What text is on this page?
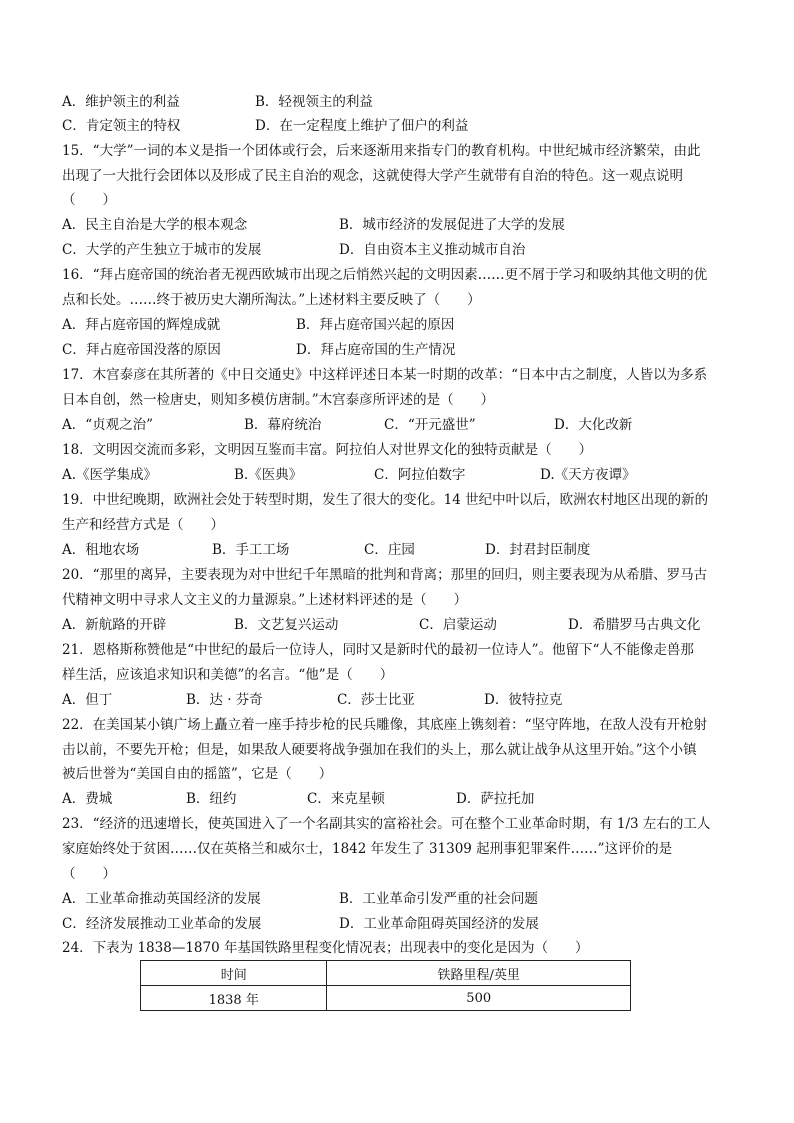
A．维护领主的利益	B．轻视领主的利益
C．肯定领主的特权	D．在一定程度上维护了佃户的利益
15．“大学”一词的本义是指一个团体或行会，后来逐渐用来指专门的教育机构。中世纪城市经济繁荣，由此
出现了一大批行会团体以及形成了民主自治的观念，这就使得大学产生就带有自治的特色。这一观点说明
（　　）
A．民主自治是大学的根本观念	B．城市经济的发展促进了大学的发展
C．大学的产生独立于城市的发展	D．自由资本主义推动城市自治
16．“拜占庭帝国的统治者无视西欧城市出现之后悄然兴起的文明因素……更不屑于学习和吸纳其他文明的优
点和长处。……终于被历史大潮所淘汰。”上述材料主要反映了（　　）
A．拜占庭帝国的辉煌成就	B．拜占庭帝国兴起的原因
C．拜占庭帝国没落的原因	D．拜占庭帝国的生产情况
17．木宫泰彦在其所著的《中日交通史》中这样评述日本某一时期的改革：“日本中古之制度，人皆以为多系
日本自创，然一检唐史，则知多模仿唐制。”木宫泰彦所评述的是（　　）
A．“贞观之治”	B．幕府统治	C．“开元盛世”	D．大化改新
18．文明因交流而多彩，文明因互鉴而丰富。阿拉伯人对世界文化的独特贡献是（　　）
A.《医学集成》	B.《医典》	C．阿拉伯数字	D.《天方夜谭》
19．中世纪晚期，欧洲社会处于转型时期，发生了很大的变化。14 世纪中叶以后，欧洲农村地区出现的新的
生产和经营方式是（　　）
A．租地农场	B．手工工场	C．庄园	D．封君封臣制度
20．“那里的离异，主要表现为对中世纪千年黑暗的批判和背离；那里的回归，则主要表现为从希腊、罗马古
代精神文明中寻求人文主义的力量源泉。”上述材料评述的是（　　）
A．新航路的开辟	B．文艺复兴运动	C．启蒙运动	D．希腊罗马古典文化
21．恩格斯称赞他是“中世纪的最后一位诗人，同时又是新时代的最初一位诗人”。他留下“人不能像走兽那
样生活，应该追求知识和美德”的名言。“他”是（　　）
A．但丁	B．达 · 芬奇	C．莎士比亚	D．彼特拉克
22．在美国某小镇广场上矗立着一座手持步枪的民兵雕像，其底座上镌刻着：“坚守阵地，在敌人没有开枪射
击以前，不要先开枪；但是，如果敌人硬要将战争强加在我们的头上，那么就让战争从这里开始。”这个小镇
被后世誉为“美国自由的摇篮”，它是（　　）
A．费城	B．纽约	C．来克星顿	D．萨拉托加
23．“经济的迅速增长，使英国进入了一个名副其实的富裕社会。可在整个工业革命时期，有 1/3 左右的工人
家庭始终处于贫困……仅在英格兰和威尔士，1842 年发生了 31309 起刑事犯罪案件……”这评价的是
（　　）
A．工业革命推动英国经济的发展	B．工业革命引发严重的社会问题
C．经济发展推动工业革命的发展	D．工业革命阻碍英国经济的发展
24．下表为 1838—1870 年基国铁路里程变化情况表；出现表中的变化是因为（　　）
时间	铁路里程/英里
1838 年	500
